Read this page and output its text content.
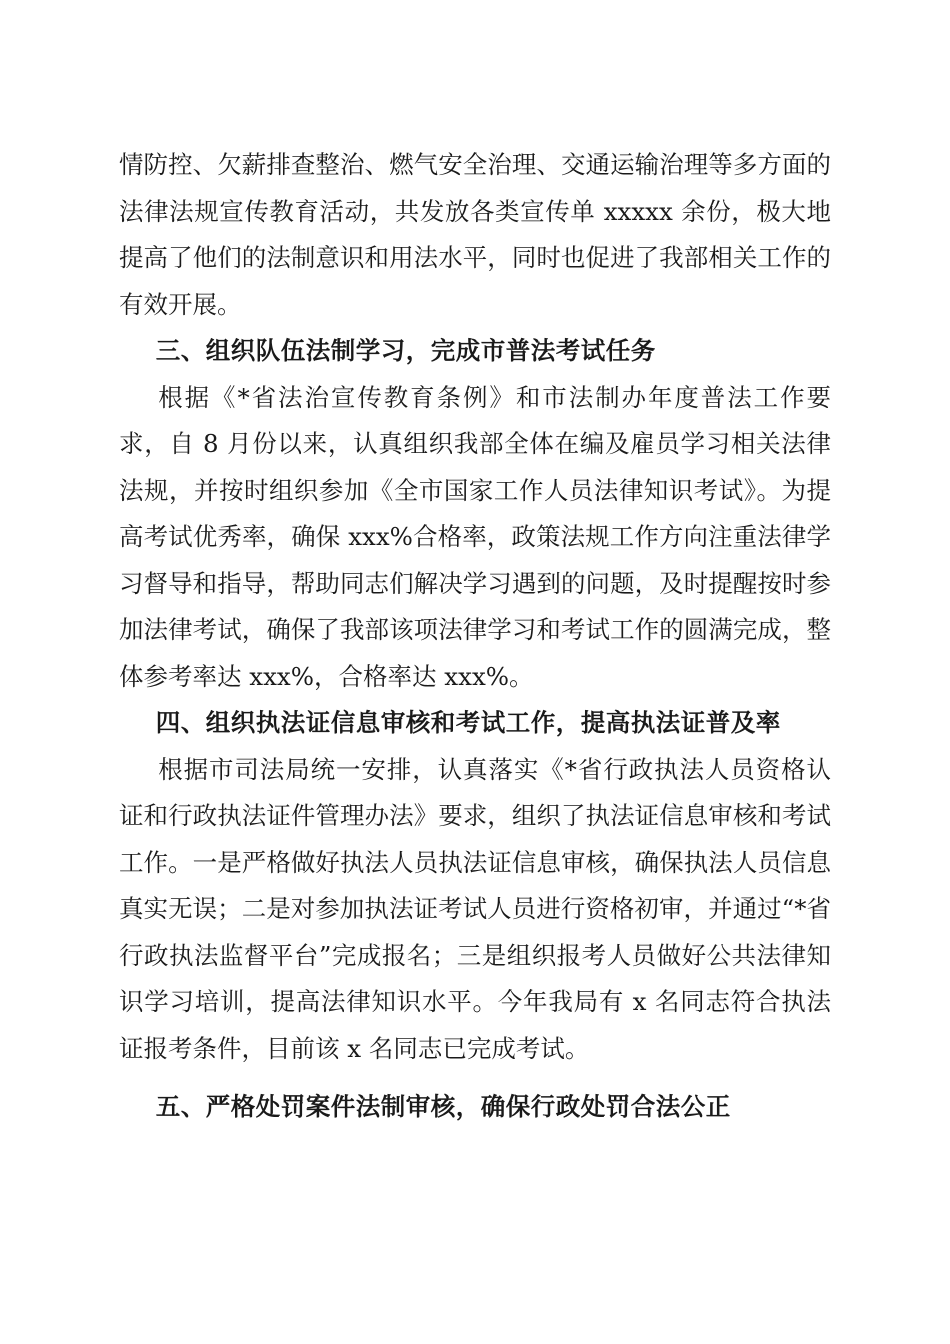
情防控、欠薪排查整治、燃气安全治理、交通运输治理等多方面的法律法规宣传教育活动，共发放各类宣传单 xxxxx 余份，极大地提高了他们的法制意识和用法水平，同时也促进了我部相关工作的有效开展。

三、组织队伍法制学习，完成市普法考试任务

根据《*省法治宣传教育条例》和市法制办年度普法工作要求，自 8 月份以来，认真组织我部全体在编及雇员学习相关法律法规，并按时组织参加《全市国家工作人员法律知识考试》。为提高考试优秀率，确保 xxx%合格率，政策法规工作方向注重法律学习督导和指导，帮助同志们解决学习遇到的问题，及时提醒按时参加法律考试，确保了我部该项法律学习和考试工作的圆满完成，整体参考率达 xxx%，合格率达 xxx%。

四、组织执法证信息审核和考试工作，提高执法证普及率

根据市司法局统一安排，认真落实《*省行政执法人员资格认证和行政执法证件管理办法》要求，组织了执法证信息审核和考试工作。一是严格做好执法人员执法证信息审核，确保执法人员信息真实无误；二是对参加执法证考试人员进行资格初审，并通过“*省行政执法监督平台”完成报名；三是组织报考人员做好公共法律知识学习培训，提高法律知识水平。今年我局有 x 名同志符合执法证报考条件，目前该 x 名同志已完成考试。

五、严格处罚案件法制审核，确保行政处罚合法公正
